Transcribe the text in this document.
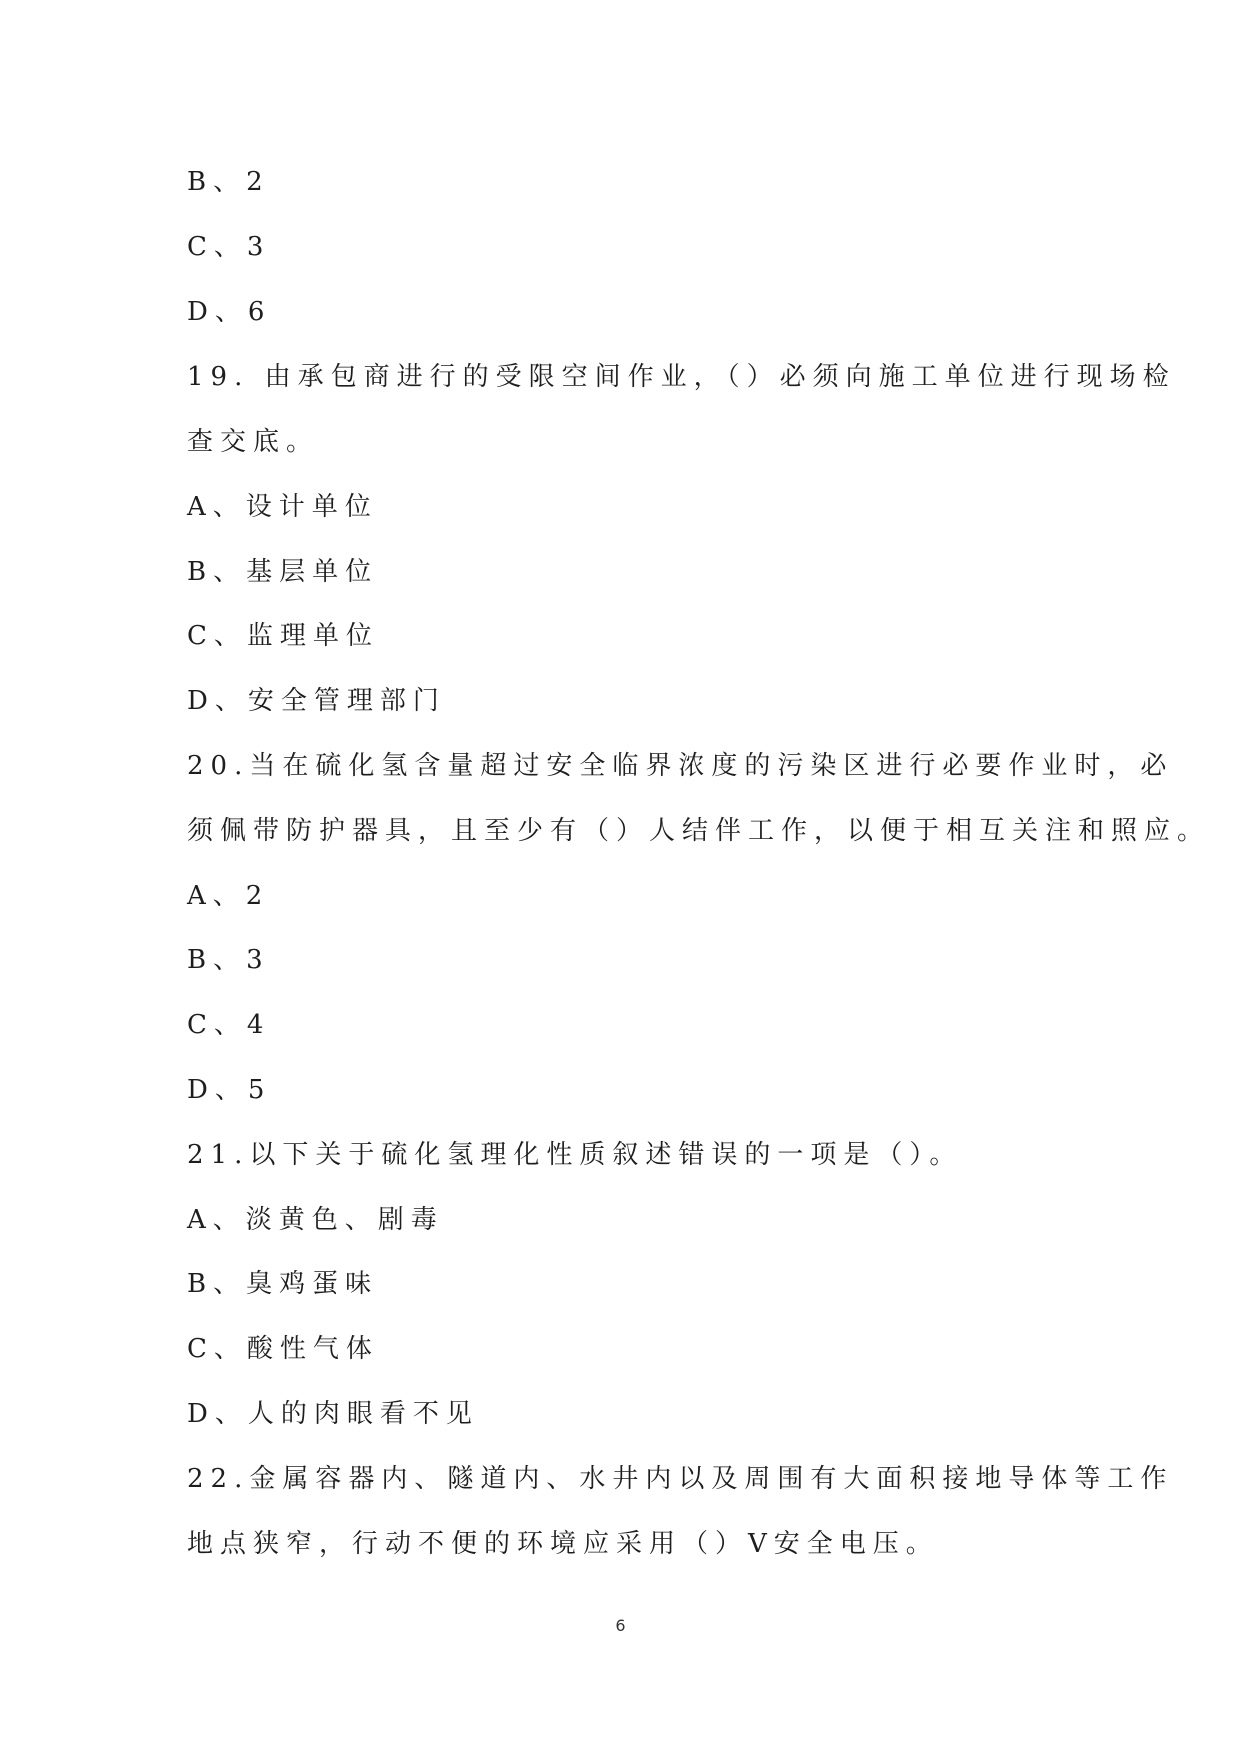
B、2
C、3
D、6
19. 由承包商进行的受限空间作业，（）必须向施工单位进行现场检
查交底。
A、设计单位
B、基层单位
C、监理单位
D、安全管理部门
20.当在硫化氢含量超过安全临界浓度的污染区进行必要作业时，必
须佩带防护器具，且至少有（）人结伴工作，以便于相互关注和照应。
A、2
B、3
C、4
D、5
21.以下关于硫化氢理化性质叙述错误的一项是（）。
A、淡黄色、剧毒
B、臭鸡蛋味
C、酸性气体
D、人的肉眼看不见
22.金属容器内、隧道内、水井内以及周围有大面积接地导体等工作
地点狭窄，行动不便的环境应采用（）V安全电压。
6
